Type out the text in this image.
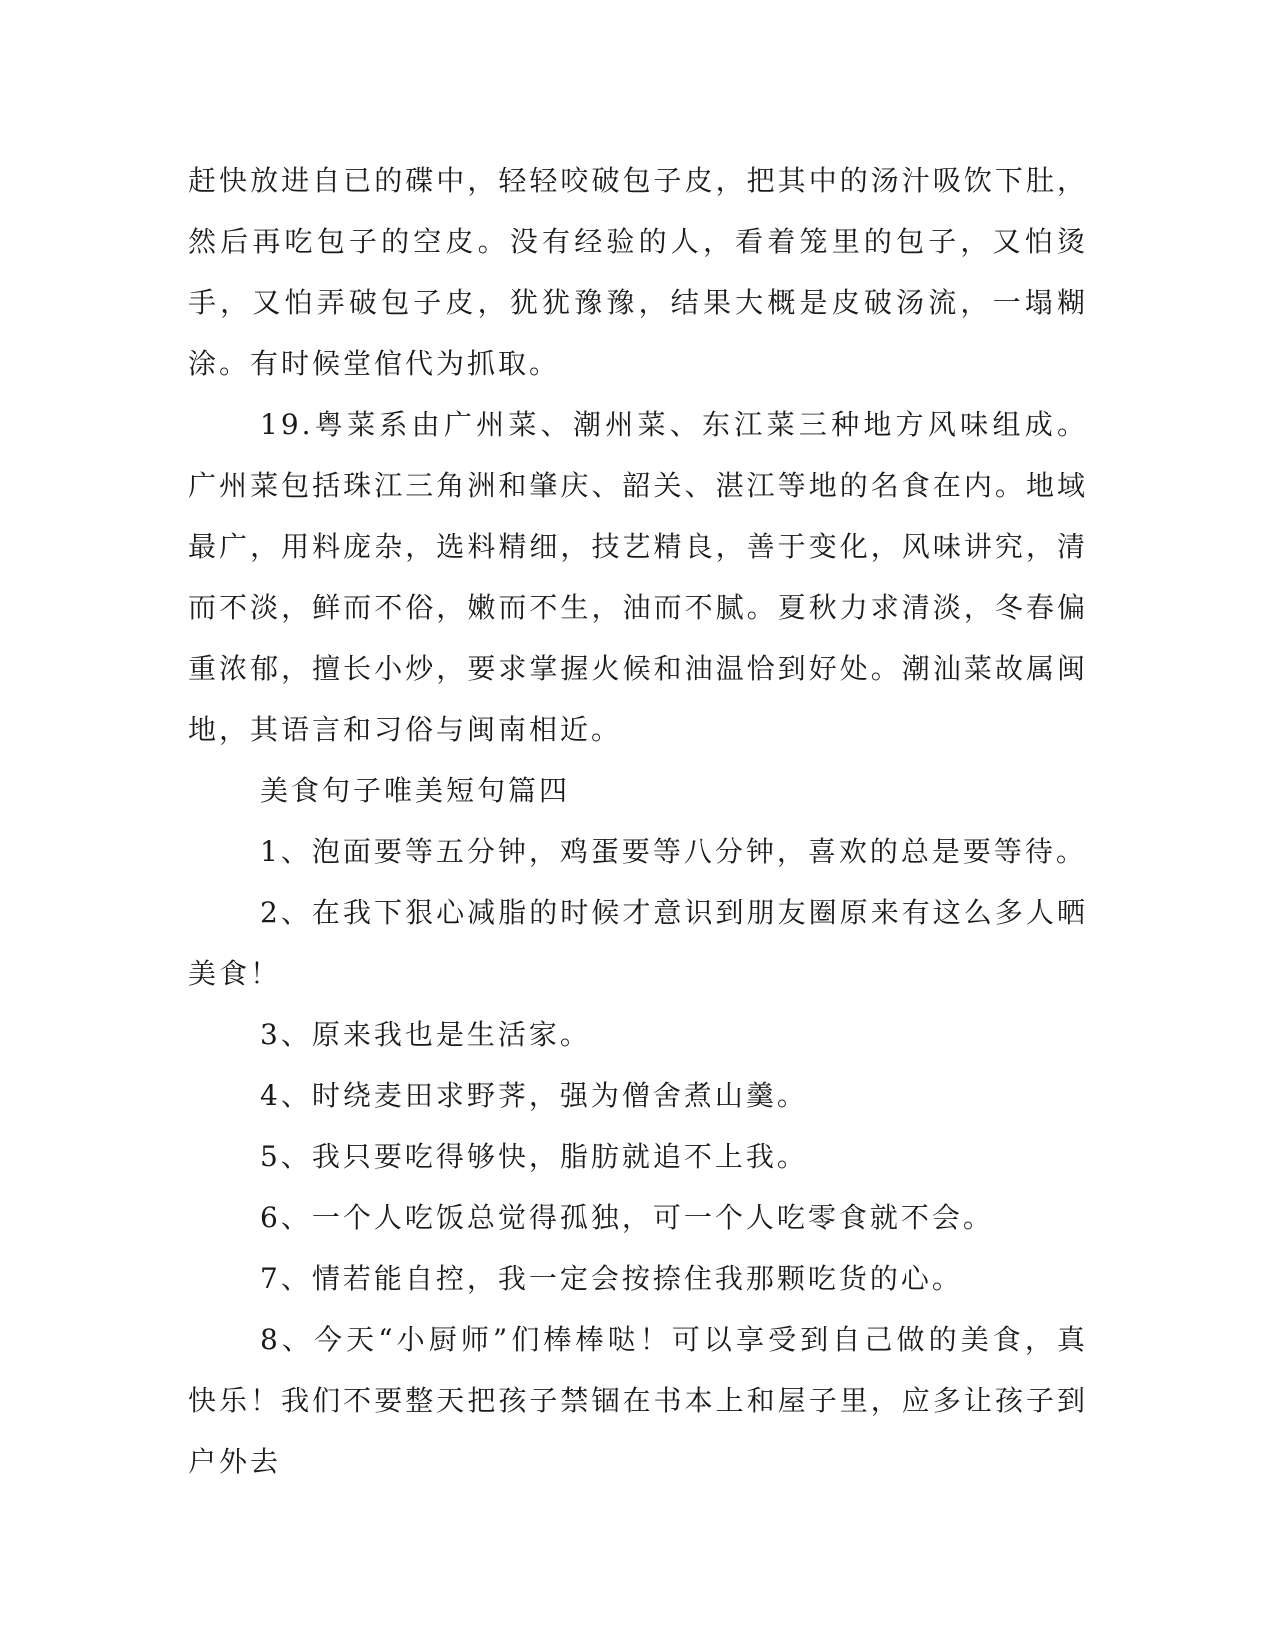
赶快放进自已的碟中，轻轻咬破包子皮，把其中的汤汁吸饮下肚，然后再吃包子的空皮。没有经验的人，看着笼里的包子，又怕烫手，又怕弄破包子皮，犹犹豫豫，结果大概是皮破汤流，一塌糊涂。有时候堂倌代为抓取。

19.粤菜系由广州菜、潮州菜、东江菜三种地方风味组成。广州菜包括珠江三角洲和肇庆、韶关、湛江等地的名食在内。地域最广，用料庞杂，选料精细，技艺精良，善于变化，风味讲究，清而不淡，鲜而不俗，嫩而不生，油而不腻。夏秋力求清淡，冬春偏重浓郁，擅长小炒，要求掌握火候和油温恰到好处。潮汕菜故属闽地，其语言和习俗与闽南相近。

美食句子唯美短句篇四

1、泡面要等五分钟，鸡蛋要等八分钟，喜欢的总是要等待。

2、在我下狠心减脂的时候才意识到朋友圈原来有这么多人晒美食！

3、原来我也是生活家。

4、时绕麦田求野荠，强为僧舍煮山羹。

5、我只要吃得够快，脂肪就追不上我。

6、一个人吃饭总觉得孤独，可一个人吃零食就不会。

7、情若能自控，我一定会按捺住我那颗吃货的心。

8、今天“小厨师”们棒棒哒！可以享受到自己做的美食，真快乐！我们不要整天把孩子禁锢在书本上和屋子里，应多让孩子到户外去
